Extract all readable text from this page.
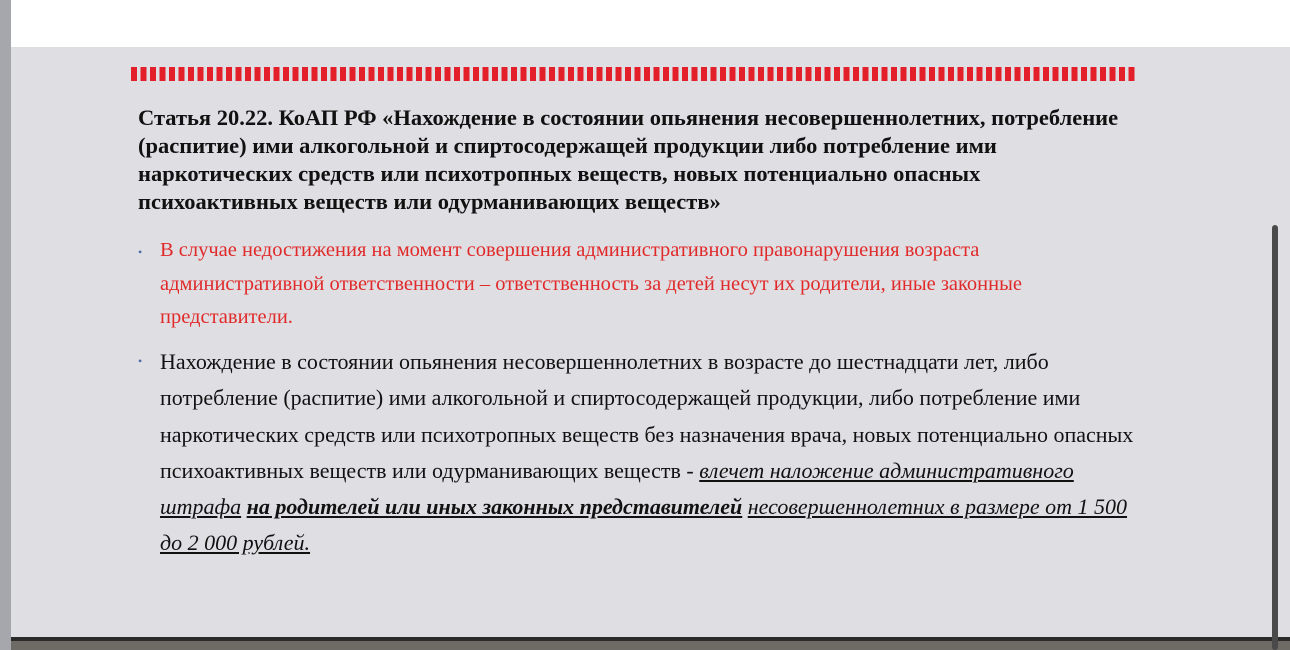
Статья 20.22. КоАП РФ «Нахождение в состоянии опьянения несовершеннолетних, потребление (распитие) ими алкогольной и спиртосодержащей продукции либо потребление ими наркотических средств или психотропных веществ, новых потенциально опасных психоактивных веществ или одурманивающих веществ»
• В случае недостижения на момент совершения административного правонарушения возраста административной ответственности – ответственность за детей несут их родители, иные законные представители.

• Нахождение в состоянии опьянения несовершеннолетних в возрасте до шестнадцати лет, либо потребление (распитие) ими алкогольной и спиртосодержащей продукции, либо потребление ими наркотических средств или психотропных веществ без назначения врача, новых потенциально опасных психоактивных веществ или одурманивающих веществ - влечет наложение административного штрафа на родителей или иных законных представителей несовершеннолетних в размере от 1 500 до 2 000 рублей.
